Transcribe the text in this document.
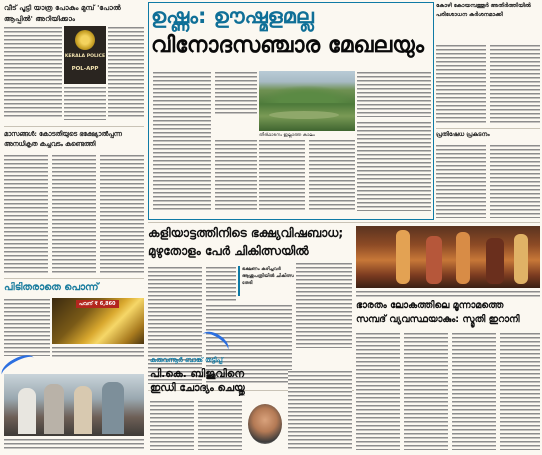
വീട് പൂട്ടി യാത്ര പോകും മുമ്പ് 'പോൽ ആപ്പിൽ' അറിയിക്കാം
KERALA POLICE
POL-APP
മാസങ്ങൾ: കോടതിയുടെ ഭക്ഷ്യോൽപ്പന്ന അനധികൃത കച്ചവടം കണ്ടെത്തി
പിടിതരാതെ പൊന്ന്
പവന് ₹ 6,860
ഉഷ്ണം: ഊഷ്മളമല്ല
വിനോദസഞ്ചാര മേഖലയും
തീര്ഥാടനം ഇല്ലാത്ത കാലം
കോഴി കോയമ്പത്തൂർ അതിർത്തിയിൽ പരിശോധന കർശനമാക്കി
പ്രതിഷേധ പ്രകടനം
കളിയാട്ടത്തിനിടെ ഭക്ഷ്യവിഷബാധ;
മുഴുതോളം പേർ ചികിത്സയിൽ
ഭക്ഷണം കഴിച്ചവർ ആശുപത്രിയിൽ ചികിത്സ തേടി
ഭാരതം ലോകത്തിലെ മൂന്നാമത്തെ
സമ്പദ് വ്യവസ്ഥയാകും: സ്മൃതി ഇറാനി
കരുവന്നൂർ ബാങ്ക് തട്ടിപ്പ്
പി.കെ. ബിജുവിനെ
ഇഡി ചോദ്യം ചെയ്തു
